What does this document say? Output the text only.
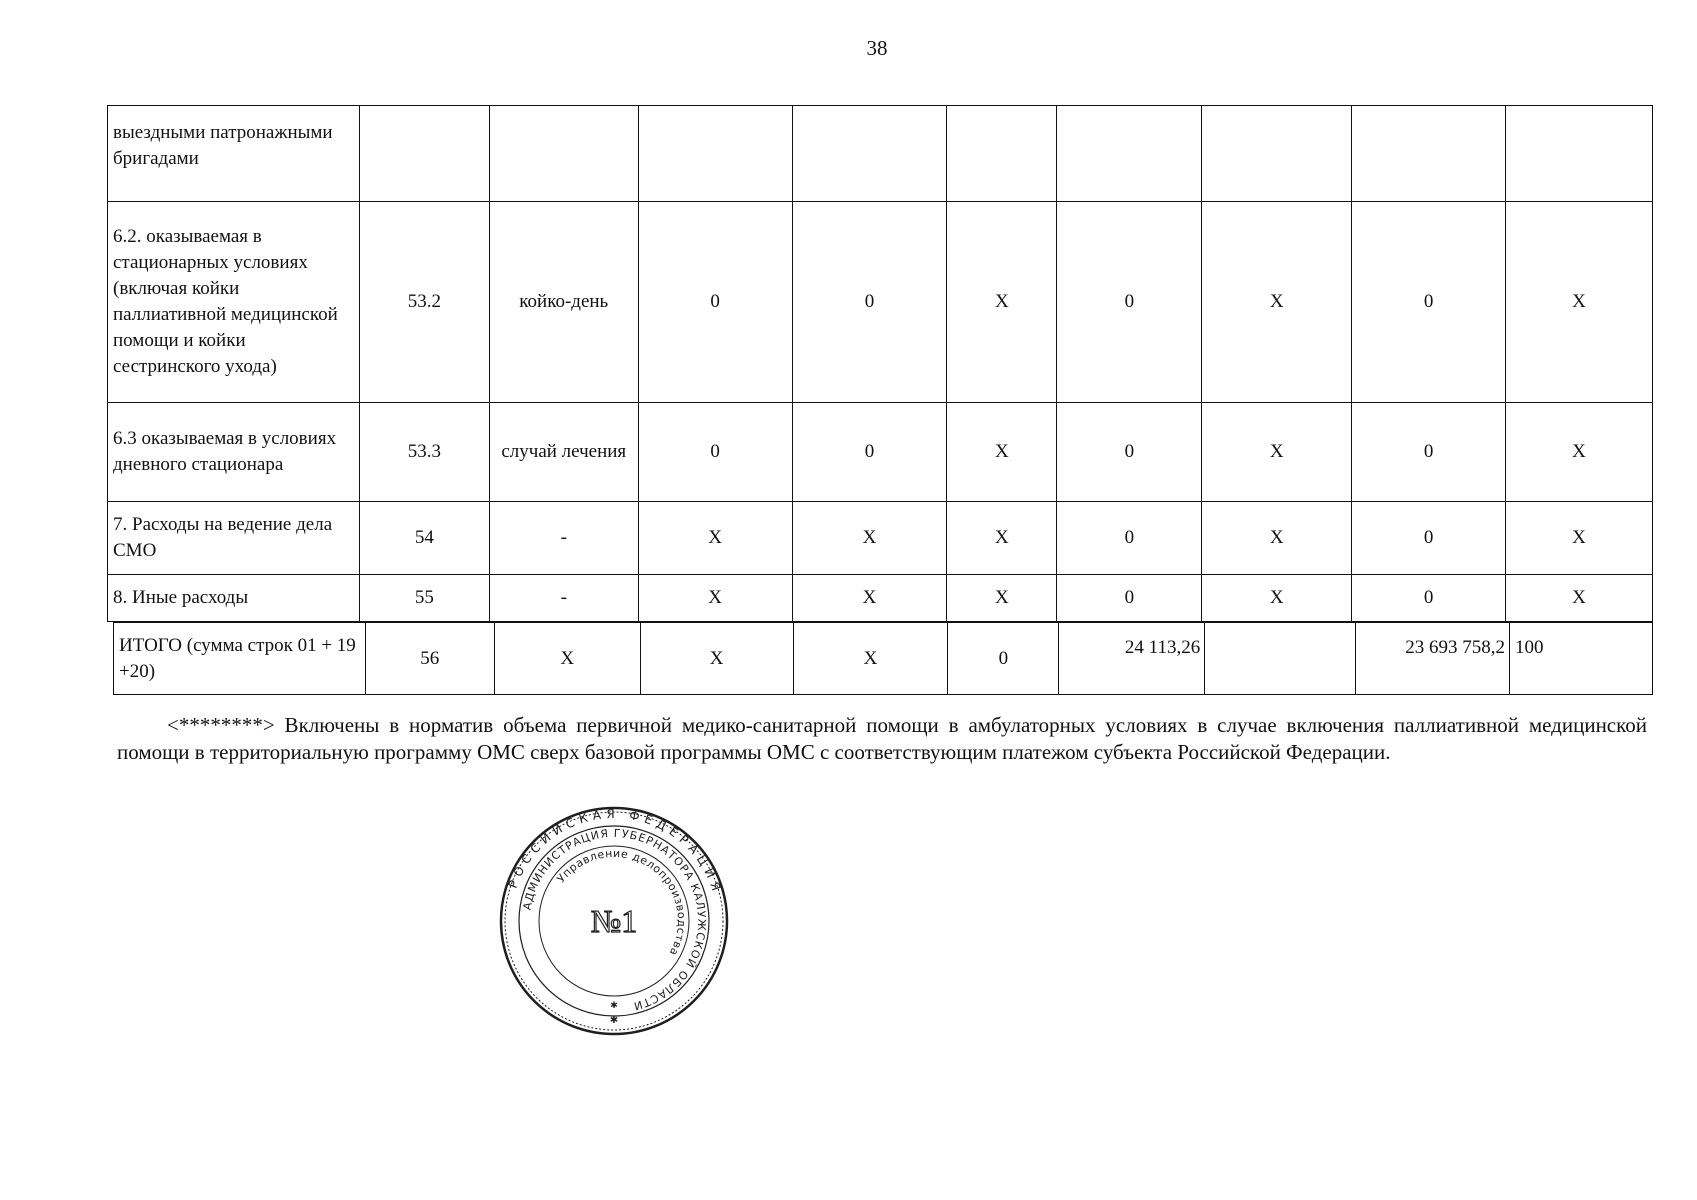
38
выездными патронажными бригадами									
6.2. оказываемая в стационарных условиях (включая койки паллиативной медицинской помощи и койки сестринского ухода)	53.2	койко-день	0	0	X	0	X	0	X
6.3 оказываемая в условиях дневного стационара	53.3	случай лечения	0	0	X	0	X	0	X
7. Расходы на ведение дела СМО	54	-	X	X	X	0	X	0	X
8. Иные расходы	55	-	X	X	X	0	X	0	X
ИТОГО (сумма строк 01 + 19 +20)	56	X	X	X	0	24 113,26		23 693 758,2	100
<********> Включены в норматив объема первичной медико-санитарной помощи в амбулаторных условиях в случае включения паллиативной медицинской помощи в территориальную программу ОМС сверх базовой программы ОМС с соответствующим платежом субъекта Российской Федерации.
РОССИЙСКАЯ ФЕДЕРАЦИЯ
АДМИНИСТРАЦИЯ ГУБЕРНАТОРА КАЛУЖСКОЙ ОБЛАСТИ
Управление делопроизводства
№1
✱
✱
